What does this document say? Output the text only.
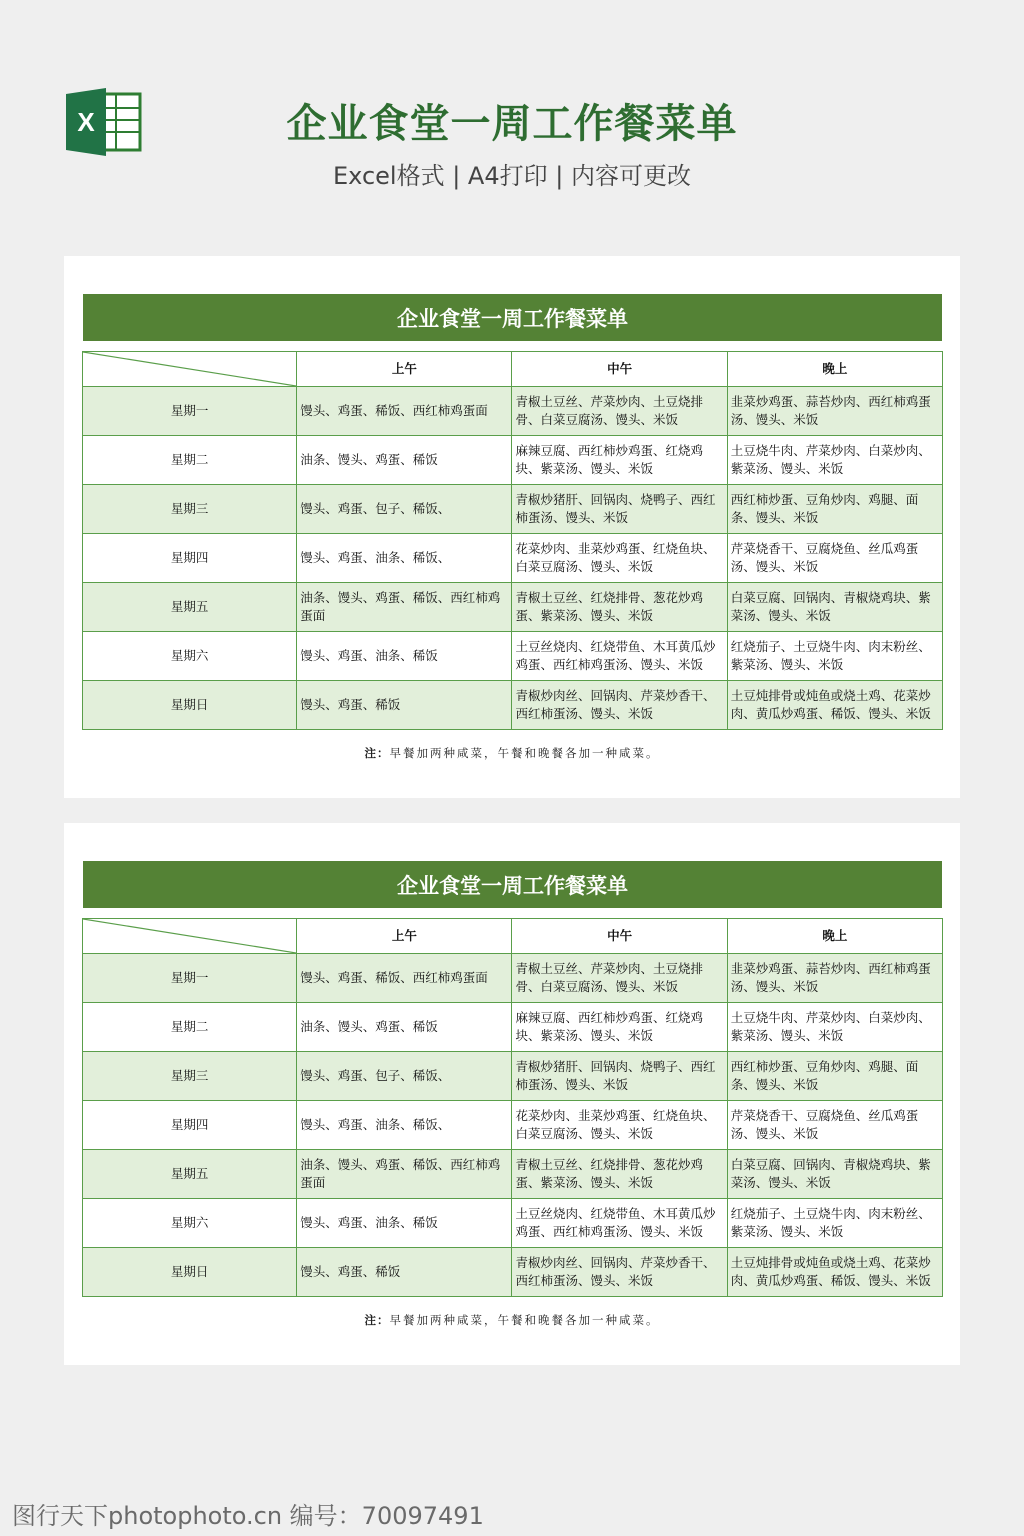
X	企业食堂一周工作餐菜单
Excel格式 | A4打印 | 内容可更改
企业食堂一周工作餐菜单
	上午	中午	晚上

星期一	馒头、鸡蛋、稀饭、西红柿鸡蛋面	青椒土豆丝、芹菜炒肉、土豆烧排骨、白菜豆腐汤、馒头、米饭	韭菜炒鸡蛋、蒜苔炒肉、西红柿鸡蛋汤、馒头、米饭

星期二	油条、馒头、鸡蛋、稀饭	麻辣豆腐、西红柿炒鸡蛋、红烧鸡块、紫菜汤、馒头、米饭	土豆烧牛肉、芹菜炒肉、白菜炒肉、紫菜汤、馒头、米饭

星期三	馒头、鸡蛋、包子、稀饭、	青椒炒猪肝、回锅肉、烧鸭子、西红柿蛋汤、馒头、米饭	西红柿炒蛋、豆角炒肉、鸡腿、面条、馒头、米饭

星期四	馒头、鸡蛋、油条、稀饭、	花菜炒肉、韭菜炒鸡蛋、红烧鱼块、白菜豆腐汤、馒头、米饭	芹菜烧香干、豆腐烧鱼、丝瓜鸡蛋汤、馒头、米饭

星期五	油条、馒头、鸡蛋、稀饭、西红柿鸡蛋面	青椒土豆丝、红烧排骨、葱花炒鸡蛋、紫菜汤、馒头、米饭	白菜豆腐、回锅肉、青椒烧鸡块、紫菜汤、馒头、米饭

星期六	馒头、鸡蛋、油条、稀饭	土豆丝烧肉、红烧带鱼、木耳黄瓜炒鸡蛋、西红柿鸡蛋汤、馒头、米饭	红烧茄子、土豆烧牛肉、肉末粉丝、紫菜汤、馒头、米饭

星期日	馒头、鸡蛋、稀饭	青椒炒肉丝、回锅肉、芹菜炒香干、西红柿蛋汤、馒头、米饭	土豆炖排骨或炖鱼或烧土鸡、花菜炒肉、黄瓜炒鸡蛋、稀饭、馒头、米饭
注：早餐加两种咸菜，午餐和晚餐各加一种咸菜。
企业食堂一周工作餐菜单
	上午	中午	晚上

星期一	馒头、鸡蛋、稀饭、西红柿鸡蛋面	青椒土豆丝、芹菜炒肉、土豆烧排骨、白菜豆腐汤、馒头、米饭	韭菜炒鸡蛋、蒜苔炒肉、西红柿鸡蛋汤、馒头、米饭

星期二	油条、馒头、鸡蛋、稀饭	麻辣豆腐、西红柿炒鸡蛋、红烧鸡块、紫菜汤、馒头、米饭	土豆烧牛肉、芹菜炒肉、白菜炒肉、紫菜汤、馒头、米饭

星期三	馒头、鸡蛋、包子、稀饭、	青椒炒猪肝、回锅肉、烧鸭子、西红柿蛋汤、馒头、米饭	西红柿炒蛋、豆角炒肉、鸡腿、面条、馒头、米饭

星期四	馒头、鸡蛋、油条、稀饭、	花菜炒肉、韭菜炒鸡蛋、红烧鱼块、白菜豆腐汤、馒头、米饭	芹菜烧香干、豆腐烧鱼、丝瓜鸡蛋汤、馒头、米饭

星期五	油条、馒头、鸡蛋、稀饭、西红柿鸡蛋面	青椒土豆丝、红烧排骨、葱花炒鸡蛋、紫菜汤、馒头、米饭	白菜豆腐、回锅肉、青椒烧鸡块、紫菜汤、馒头、米饭

星期六	馒头、鸡蛋、油条、稀饭	土豆丝烧肉、红烧带鱼、木耳黄瓜炒鸡蛋、西红柿鸡蛋汤、馒头、米饭	红烧茄子、土豆烧牛肉、肉末粉丝、紫菜汤、馒头、米饭

星期日	馒头、鸡蛋、稀饭	青椒炒肉丝、回锅肉、芹菜炒香干、西红柿蛋汤、馒头、米饭	土豆炖排骨或炖鱼或烧土鸡、花菜炒肉、黄瓜炒鸡蛋、稀饭、馒头、米饭
注：早餐加两种咸菜，午餐和晚餐各加一种咸菜。
图行天下photophoto.cn 编号：70097491
